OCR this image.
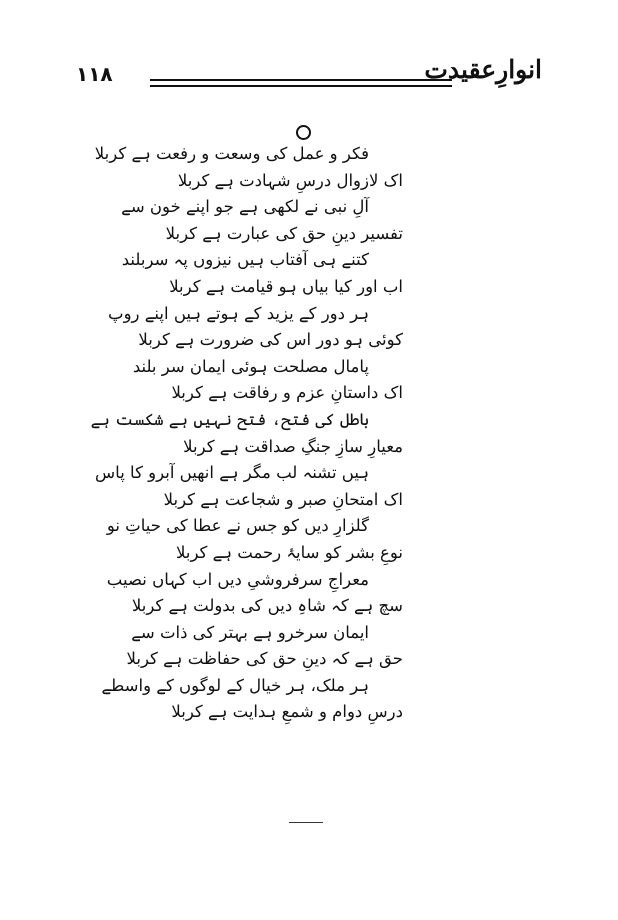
١١٨	انوارِعقیدت
فکر و عمل کی وسعت و رفعت ہے کربلا
اک لازوال درسِ شہادت ہے کربلا
آلِ نبی نے لکھی ہے جو اپنے خون سے
تفسیر دینِ حق کی عبارت ہے کربلا
کتنے ہی آفتاب ہیں نیزوں پہ سربلند
اب اور کیا بیاں ہو قیامت ہے کربلا
ہر دور کے یزید کے ہوتے ہیں اپنے روپ
کوئی ہو دور اس کی ضرورت ہے کربلا
پامال مصلحت ہوئی ایمان سر بلند
اک داستانِ عزم و رفاقت ہے کربلا
باطل کی فتح، فتح نہیں ہے شکست ہے
معیارِ سازِ جنگِ صداقت ہے کربلا
ہیں تشنہ لب مگر ہے انھیں آبرو کا پاس
اک امتحانِ صبر و شجاعت ہے کربلا
گلزارِ دیں کو جس نے عطا کی حیاتِ نو
نوعِ بشر کو سایۂ رحمت ہے کربلا
معراجِ سرفروشیِ دیں اب کہاں نصیب
سچ ہے کہ شاہِ دیں کی بدولت ہے کربلا
ایمان سرخرو ہے بہتر کی ذات سے
حق ہے کہ دینِ حق کی حفاظت ہے کربلا
ہر ملک، ہر خیال کے لوگوں کے واسطے
درسِ دوام و شمعِ ہدایت ہے کربلا
